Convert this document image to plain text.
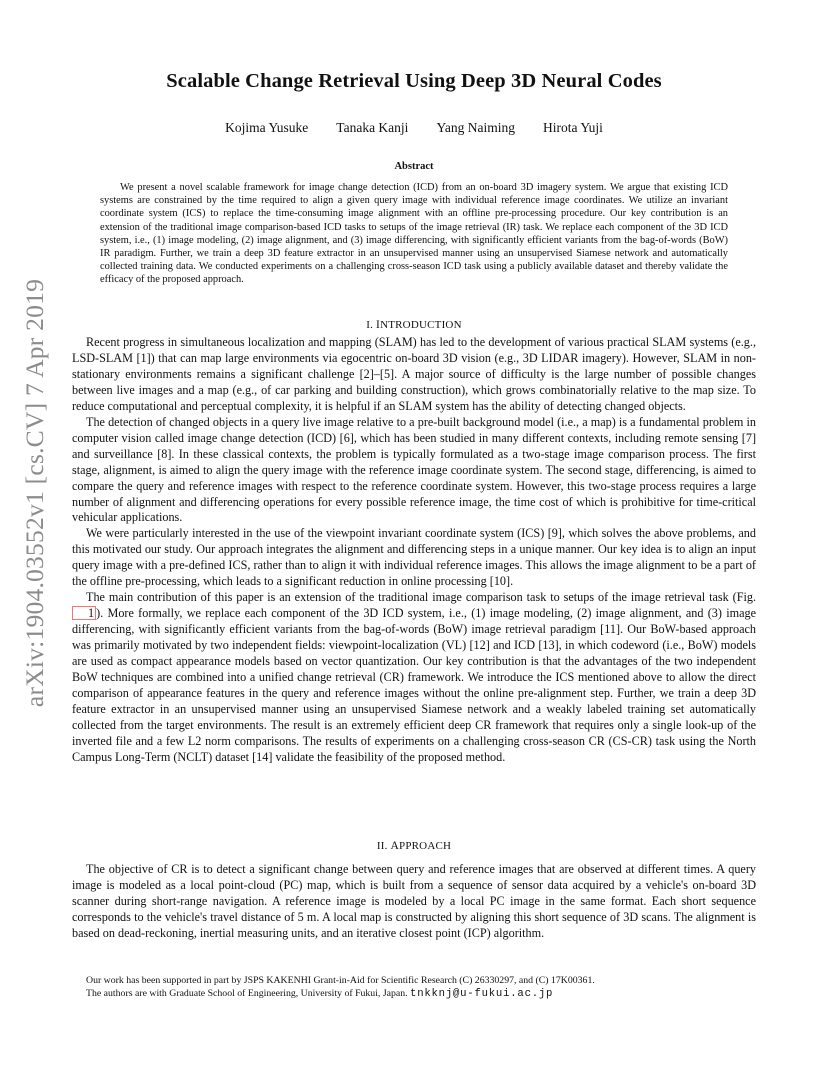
arXiv:1904.03552v1 [cs.CV] 7 Apr 2019
Scalable Change Retrieval Using Deep 3D Neural Codes
Kojima Yusuke Tanaka Kanji Yang Naiming Hirota Yuji
Abstract

We present a novel scalable framework for image change detection (ICD) from an on-board 3D imagery system. We argue that existing ICD systems are constrained by the time required to align a given query image with individual reference image coordinates. We utilize an invariant coordinate system (ICS) to replace the time-consuming image alignment with an offline pre-processing procedure. Our key contribution is an extension of the traditional image comparison-based ICD tasks to setups of the image retrieval (IR) task. We replace each component of the 3D ICD system, i.e., (1) image modeling, (2) image alignment, and (3) image differencing, with significantly efficient variants from the bag-of-words (BoW) IR paradigm. Further, we train a deep 3D feature extractor in an unsupervised manner using an unsupervised Siamese network and automatically collected training data. We conducted experiments on a challenging cross-season ICD task using a publicly available dataset and thereby validate the efficacy of the proposed approach.

I. INTRODUCTION

Recent progress in simultaneous localization and mapping (SLAM) has led to the development of various practical SLAM systems (e.g., LSD-SLAM [1]) that can map large environments via egocentric on-board 3D vision (e.g., 3D LIDAR imagery). However, SLAM in non-stationary environments remains a significant challenge [2]–[5]. A major source of difficulty is the large number of possible changes between live images and a map (e.g., of car parking and building construction), which grows combinatorially relative to the map size. To reduce computational and perceptual complexity, it is helpful if an SLAM system has the ability of detecting changed objects.

The detection of changed objects in a query live image relative to a pre-built background model (i.e., a map) is a fundamental problem in computer vision called image change detection (ICD) [6], which has been studied in many different contexts, including remote sensing [7] and surveillance [8]. In these classical contexts, the problem is typically formulated as a two-stage image comparison process. The first stage, alignment, is aimed to align the query image with the reference image coordinate system. The second stage, differencing, is aimed to compare the query and reference images with respect to the reference coordinate system. However, this two-stage process requires a large number of alignment and differencing operations for every possible reference image, the time cost of which is prohibitive for time-critical vehicular applications.

We were particularly interested in the use of the viewpoint invariant coordinate system (ICS) [9], which solves the above problems, and this motivated our study. Our approach integrates the alignment and differencing steps in a unique manner. Our key idea is to align an input query image with a pre-defined ICS, rather than to align it with individual reference images. This allows the image alignment to be a part of the offline pre-processing, which leads to a significant reduction in online processing [10].

The main contribution of this paper is an extension of the traditional image comparison task to setups of the image retrieval task (Fig. 1 ). More formally, we replace each component of the 3D ICD system, i.e., (1) image modeling, (2) image alignment, and (3) image differencing, with significantly efficient variants from the bag-of-words (BoW) image retrieval paradigm [11]. Our BoW-based approach was primarily motivated by two independent fields: viewpoint-localization (VL) [12] and ICD [13], in which codeword (i.e., BoW) models are used as compact appearance models based on vector quantization. Our key contribution is that the advantages of the two independent BoW techniques are combined into a unified change retrieval (CR) framework. We introduce the ICS mentioned above to allow the direct comparison of appearance features in the query and reference images without the online pre-alignment step. Further, we train a deep 3D feature extractor in an unsupervised manner using an unsupervised Siamese network and a weakly labeled training set automatically collected from the target environments. The result is an extremely efficient deep CR framework that requires only a single look-up of the inverted file and a few L2 norm comparisons. The results of experiments on a challenging cross-season CR (CS-CR) task using the North Campus Long-Term (NCLT) dataset [14] validate the feasibility of the proposed method.

II. APPROACH

The objective of CR is to detect a significant change between query and reference images that are observed at different times. A query image is modeled as a local point-cloud (PC) map, which is built from a sequence of sensor data acquired by a vehicle's on-board 3D scanner during short-range navigation. A reference image is modeled by a local PC image in the same format. Each short sequence corresponds to the vehicle's travel distance of 5 m. A local map is constructed by aligning this short sequence of 3D scans. The alignment is based on dead-reckoning, inertial measuring units, and an iterative closest point (ICP) algorithm.

Our work has been supported in part by JSPS KAKENHI Grant-in-Aid for Scientific Research (C) 26330297, and (C) 17K00361.

The authors are with Graduate School of Engineering, University of Fukui, Japan. tnkknj@u-fukui.ac.jp
